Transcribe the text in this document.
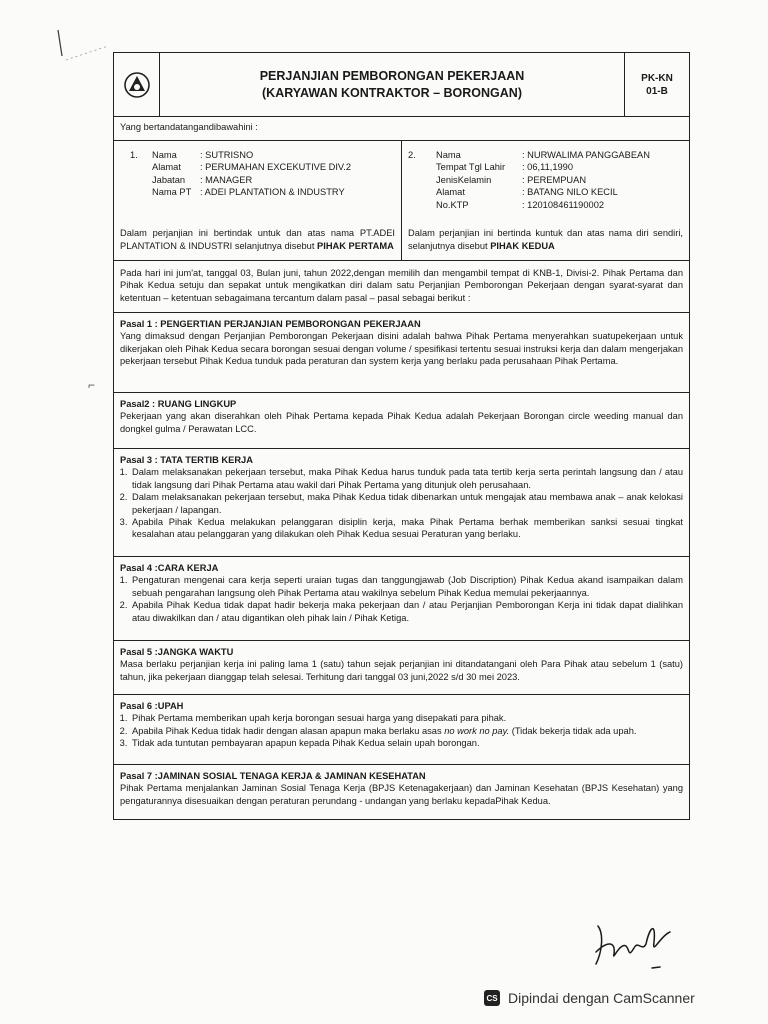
⌐
PERJANJIAN PEMBORONGAN PEKERJAAN
(KARYAWAN KONTRAKTOR – BORONGAN)
PK-KN
01-B
Yang bertandatangandibawahini :
1.	Nama	: SUTRISNO
Alamat	: PERUMAHAN EXCEKUTIVE DIV.2
Jabatan	: MANAGER
Nama PT : ADEI PLANTATION & INDUSTRY
Dalam perjanjian ini bertindak untuk dan atas nama PT.ADEI PLANTATION & INDUSTRI selanjutnya disebut PIHAK PERTAMA
2.	Nama	: NURWALIMA PANGGABEAN
Tempat Tgl Lahir	: 06,11,1990
JenisKelamin	: PEREMPUAN
Alamat	: BATANG NILO KECIL
No.KTP	: 120108461190002
Dalam perjanjian ini bertinda kuntuk dan atas nama diri sendiri, selanjutnya disebut PIHAK KEDUA
Pada hari ini jum'at, tanggal 03, Bulan juni, tahun 2022,dengan memilih dan mengambil tempat di KNB-1, Divisi-2. Pihak Pertama dan Pihak Kedua setuju dan sepakat untuk mengikatkan diri dalam satu Perjanjian Pemborongan Pekerjaan dengan syarat-syarat dan ketentuan – ketentuan sebagaimana tercantum dalam pasal – pasal sebagai berikut :
Pasal 1 : PENGERTIAN PERJANJIAN PEMBORONGAN PEKERJAAN
Yang dimaksud dengan Perjanjian Pemborongan Pekerjaan disini adalah bahwa Pihak Pertama menyerahkan suatupekerjaan untuk dikerjakan oleh Pihak Kedua secara borongan sesuai dengan volume / spesifikasi tertentu sesuai instruksi kerja dan dalam mengerjakan pekerjaan tersebut Pihak Kedua tunduk pada peraturan dan system kerja yang berlaku pada perusahaan Pihak Pertama.
Pasal2 : RUANG LINGKUP
Pekerjaan yang akan diserahkan oleh Pihak Pertama kepada Pihak Kedua adalah Pekerjaan Borongan circle weeding manual dan dongkel gulma / Perawatan LCC.
Pasal 3 : TATA TERTIB KERJA
1. Dalam melaksanakan pekerjaan tersebut, maka Pihak Kedua harus tunduk pada tata tertib kerja serta perintah langsung dan / atau tidak langsung dari Pihak Pertama atau wakil dari Pihak Pertama yang ditunjuk oleh perusahaan.
2. Dalam melaksanakan pekerjaan tersebut, maka Pihak Kedua tidak dibenarkan untuk mengajak atau membawa anak – anak kelokasi pekerjaan / lapangan.
3. Apabila Pihak Kedua melakukan pelanggaran disiplin kerja, maka Pihak Pertama berhak memberikan sanksi sesuai tingkat kesalahan atau pelanggaran yang dilakukan oleh Pihak Kedua sesuai Peraturan yang berlaku.
Pasal 4 :CARA KERJA
1. Pengaturan mengenai cara kerja seperti uraian tugas dan tanggungjawab (Job Discription) Pihak Kedua akand isampaikan dalam sebuah pengarahan langsung oleh Pihak Pertama atau wakilnya sebelum Pihak Kedua memulai pekerjaannya.
2. Apabila Pihak Kedua tidak dapat hadir bekerja maka pekerjaan dan / atau Perjanjian Pemborongan Kerja ini tidak dapat dialihkan atau diwakilkan dan / atau digantikan oleh pihak lain / Pihak Ketiga.
Pasal 5 :JANGKA WAKTU
Masa berlaku perjanjian kerja ini paling lama 1 (satu) tahun sejak perjanjian ini ditandatangani oleh Para Pihak atau sebelum 1 (satu) tahun, jika pekerjaan dianggap telah selesai. Terhitung dari tanggal 03 juni,2022 s/d 30 mei 2023.
Pasal 6 :UPAH
1. Pihak Pertama memberikan upah kerja borongan sesuai harga yang disepakati para pihak.
2. Apabila Pihak Kedua tidak hadir dengan alasan apapun maka berlaku asas no work no pay. (Tidak bekerja tidak ada upah.
3. Tidak ada tuntutan pembayaran apapun kepada Pihak Kedua selain upah borongan.
Pasal 7 :JAMINAN SOSIAL TENAGA KERJA & JAMINAN KESEHATAN
Pihak Pertama menjalankan Jaminan Sosial Tenaga Kerja (BPJS Ketenagakerjaan) dan Jaminan Kesehatan (BPJS Kesehatan) yang pengaturannya disesuaikan dengan peraturan perundang - undangan yang berlaku kepadaPihak Kedua.
CS Dipindai dengan CamScanner
